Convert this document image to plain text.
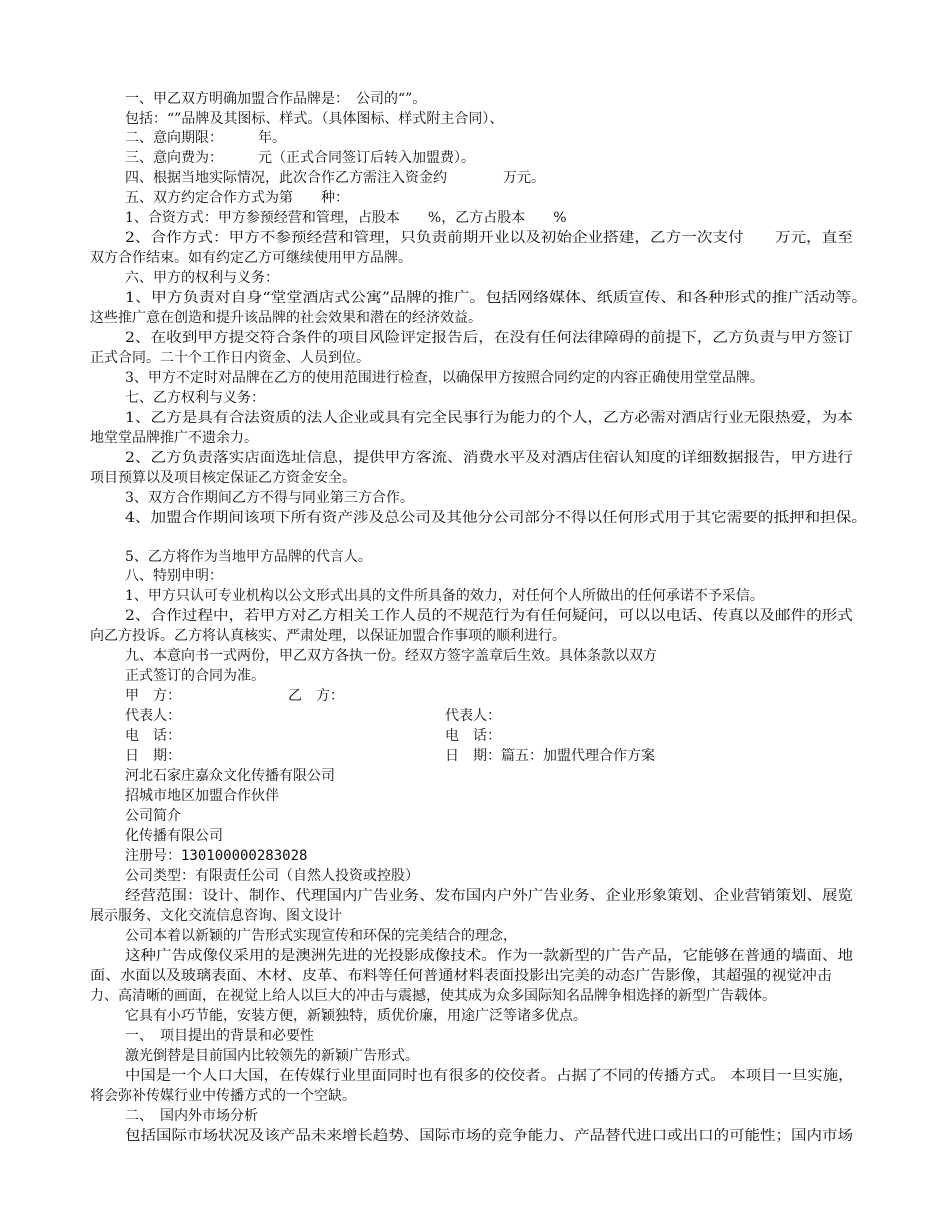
一、甲乙双方明确加盟合作品牌是：　公司的“”。
包括：“”品牌及其图标、样式。（具体图标、样式附主合同）、
二、意向期限：　　　年。
三、意向费为：　　　元（正式合同签订后转入加盟费）。
四、根据当地实际情况，此次合作乙方需注入资金约　　　　万元。
五、双方约定合作方式为第　　种：
1、合资方式：甲方参预经营和管理，占股本　　%，乙方占股本　　%
2、合作方式：甲方不参预经营和管理，只负责前期开业以及初始企业搭建，乙方一次支付　　万元，直至
双方合作结束。如有约定乙方可继续使用甲方品牌。
六、甲方的权利与义务：
1、甲方负责对自身“堂堂酒店式公寓”品牌的推广。包括网络媒体、纸质宣传、和各种形式的推广活动等。
这些推广意在创造和提升该品牌的社会效果和潜在的经济效益。
2、在收到甲方提交符合条件的项目风险评定报告后，在没有任何法律障碍的前提下，乙方负责与甲方签订
正式合同。二十个工作日内资金、人员到位。
3、甲方不定时对品牌在乙方的使用范围进行检查，以确保甲方按照合同约定的内容正确使用堂堂品牌。
七、乙方权利与义务：
1、乙方是具有合法资质的法人企业或具有完全民事行为能力的个人，乙方必需对酒店行业无限热爱，为本
地堂堂品牌推广不遗余力。
2、乙方负责落实店面选址信息，提供甲方客流、消费水平及对酒店住宿认知度的详细数据报告，甲方进行
项目预算以及项目核定保证乙方资金安全。
3、双方合作期间乙方不得与同业第三方合作。
4、加盟合作期间该项下所有资产涉及总公司及其他分公司部分不得以任何形式用于其它需要的抵押和担保。
5、乙方将作为当地甲方品牌的代言人。
八、特别申明：
1、甲方只认可专业机构以公文形式出具的文件所具备的效力，对任何个人所做出的任何承诺不予采信。
2、合作过程中，若甲方对乙方相关工作人员的不规范行为有任何疑问，可以以电话、传真以及邮件的形式
向乙方投诉。乙方将认真核实、严肃处理，以保证加盟合作事项的顺利进行。
九、本意向书一式两份，甲乙双方各执一份。经双方签字盖章后生效。具体条款以双方
正式签订的合同为准。
甲　方：	乙　方：
代表人：	代表人：
电　话：	电　话：
日　期：	日　期：篇五：加盟代理合作方案
河北石家庄嘉众文化传播有限公司
招城市地区加盟合作伙伴
公司简介
化传播有限公司
注册号：130100000283028
公司类型：有限责任公司（自然人投资或控股）
经营范围：设计、制作、代理国内广告业务、发布国内户外广告业务、企业形象策划、企业营销策划、展览
展示服务、文化交流信息咨询、图文设计
公司本着以新颖的广告形式实现宣传和环保的完美结合的理念，
这种广告成像仪采用的是澳洲先进的光投影成像技术。作为一款新型的广告产品，它能够在普通的墙面、地
面、水面以及玻璃表面、木材、皮革、布料等任何普通材料表面投影出完美的动态广告影像，其超强的视觉冲击
力、高清晰的画面，在视觉上给人以巨大的冲击与震撼，使其成为众多国际知名品牌争相选择的新型广告载体。
它具有小巧节能，安装方便，新颖独特，质优价廉，用途广泛等诸多优点。
一、　项目提出的背景和必要性
激光倒替是目前国内比较领先的新颖广告形式。
中国是一个人口大国，在传媒行业里面同时也有很多的佼佼者。占据了不同的传播方式。 本项目一旦实施，
将会弥补传媒行业中传播方式的一个空缺。
二、　国内外市场分析
包括国际市场状况及该产品未来增长趋势、国际市场的竞争能力、产品替代进口或出口的可能性；国内市场
